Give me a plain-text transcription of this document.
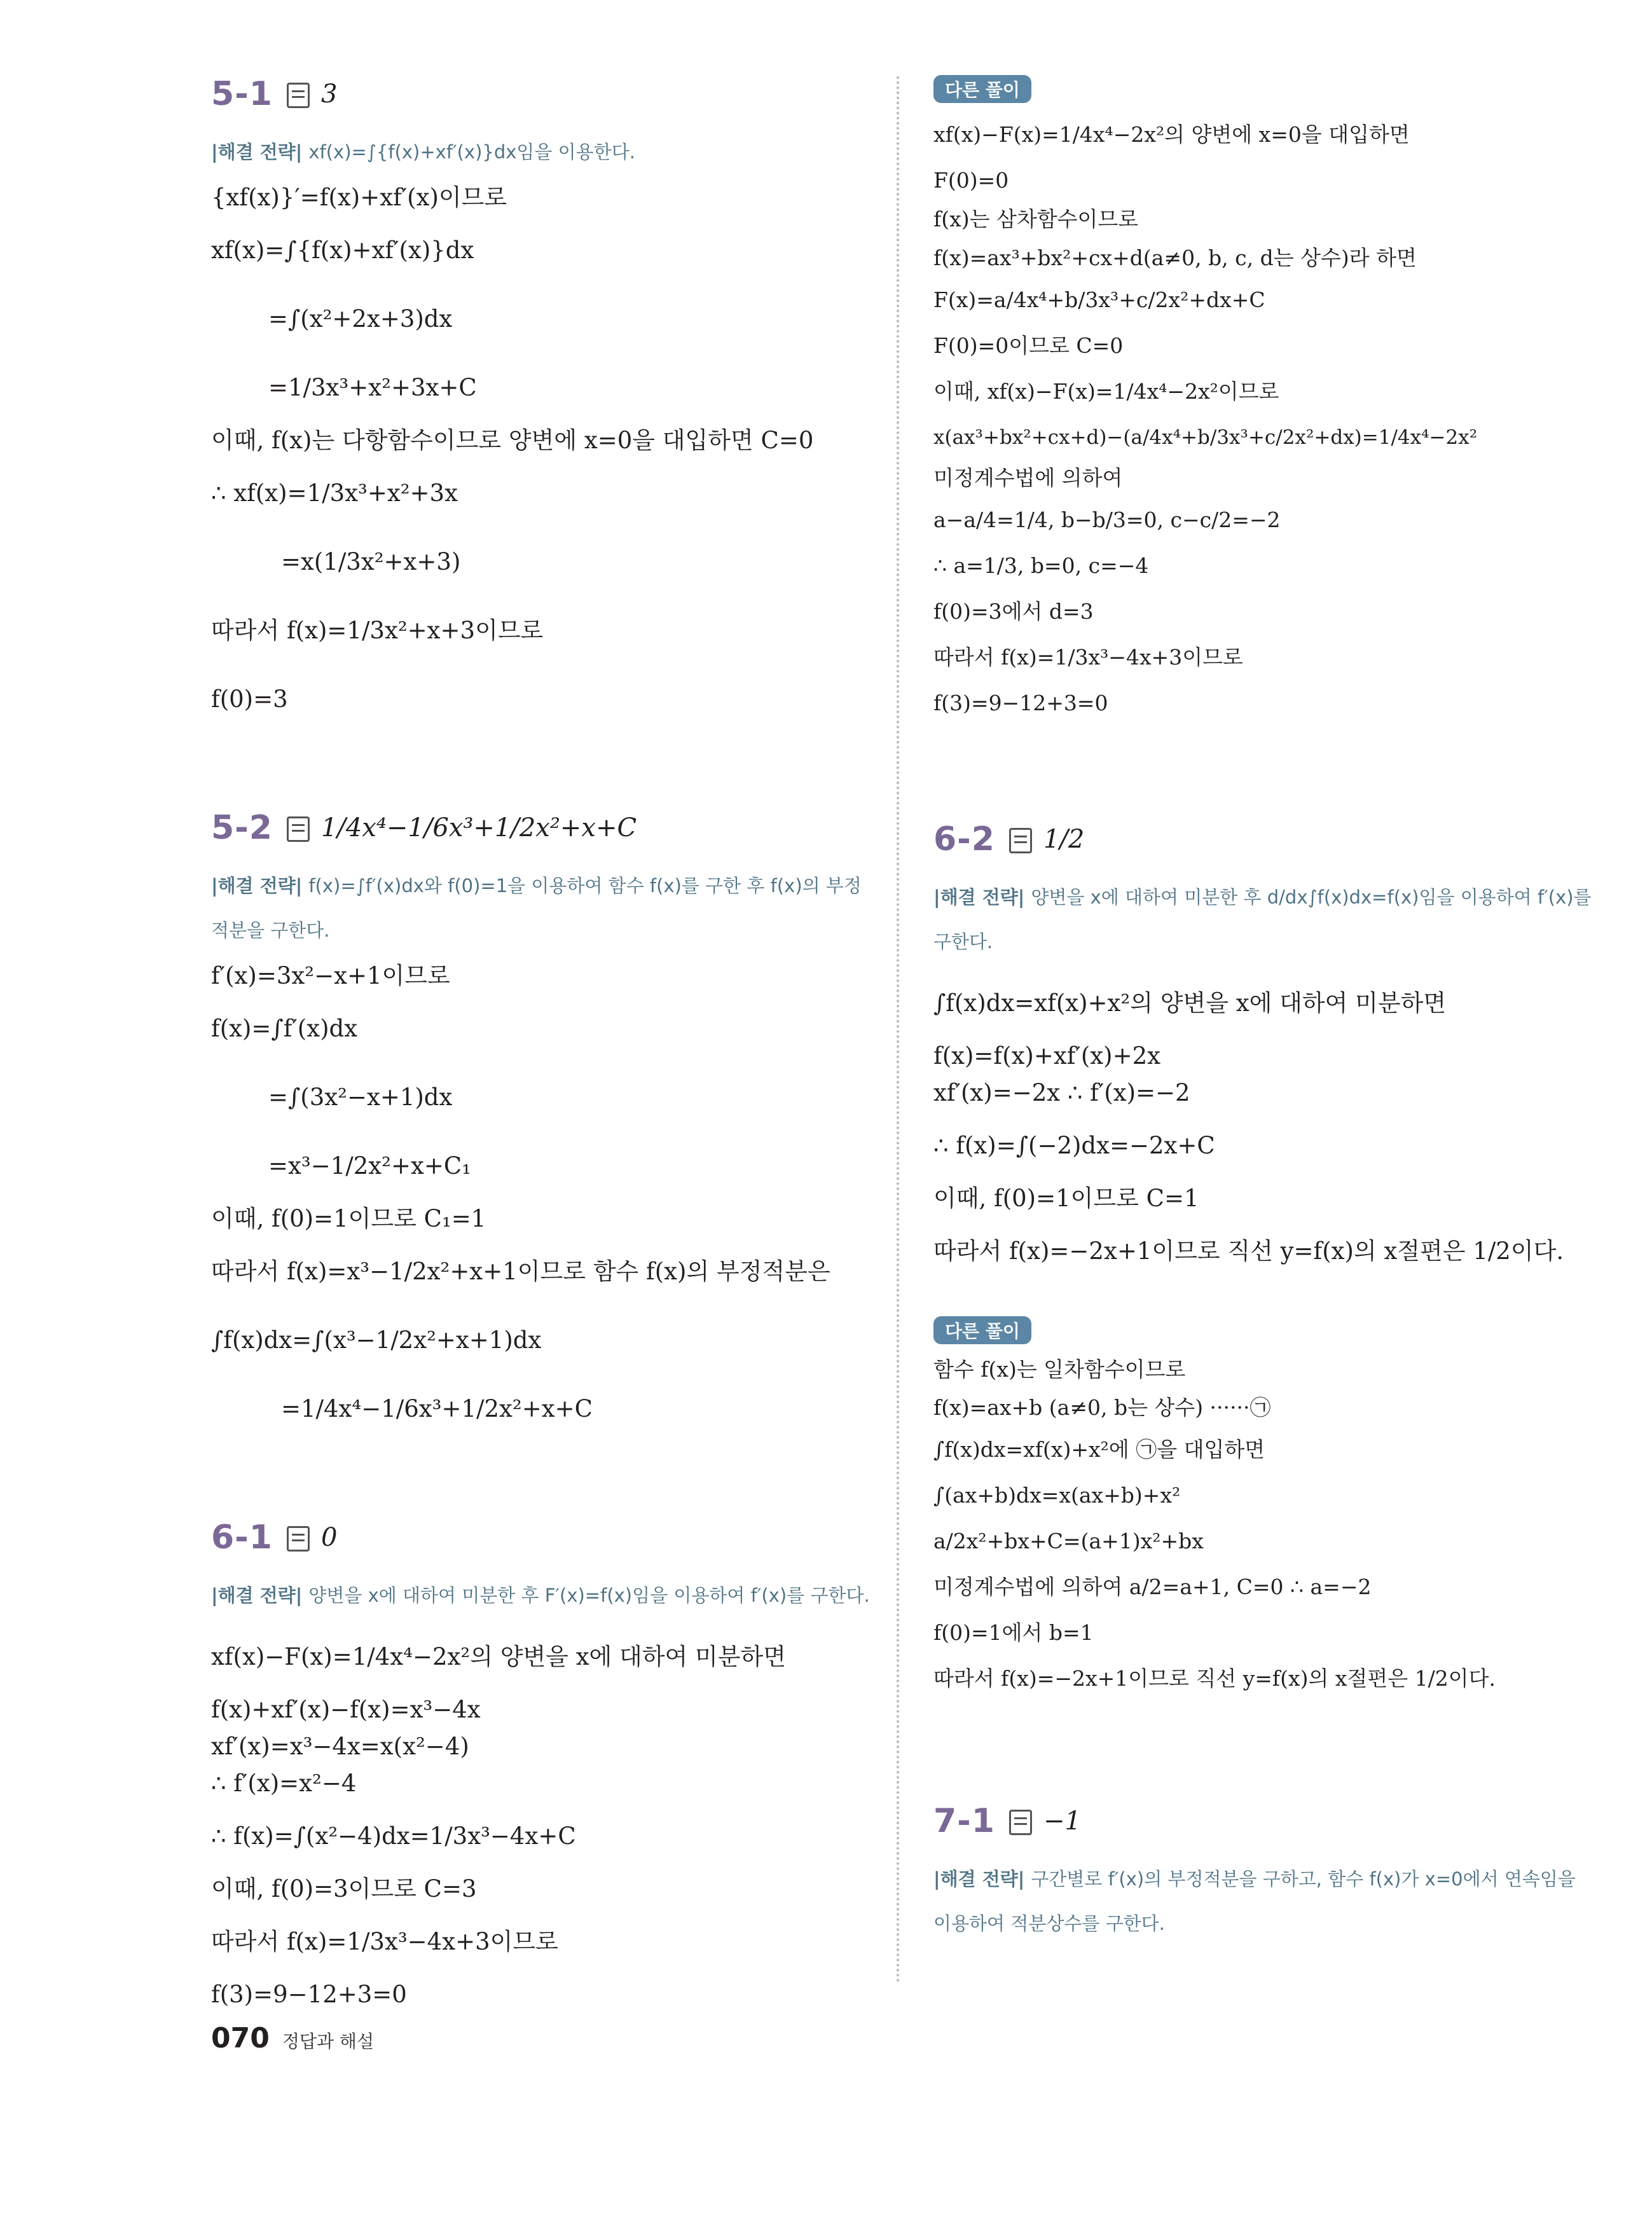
5-1 3
|해결 전략| xf(x)=∫{f(x)+xf′(x)}dx임을 이용한다.
{xf(x)}′=f(x)+xf′(x)이므로
xf(x)=∫{f(x)+xf′(x)}dx
=∫(x²+2x+3)dx
=1/3x³+x²+3x+C
이때, f(x)는 다항함수이므로 양변에 x=0을 대입하면 C=0
∴ xf(x)=1/3x³+x²+3x
=x(1/3x²+x+3)
따라서 f(x)=1/3x²+x+3이므로
f(0)=3
5-2 1/4x⁴−1/6x³+1/2x²+x+C
|해결 전략| f(x)=∫f′(x)dx와 f(0)=1을 이용하여 함수 f(x)를 구한 후 f(x)의 부정적분을 구한다.
f′(x)=3x²−x+1이므로
f(x)=∫f′(x)dx
=∫(3x²−x+1)dx
=x³−1/2x²+x+C₁
이때, f(0)=1이므로 C₁=1
따라서 f(x)=x³−1/2x²+x+1이므로 함수 f(x)의 부정적분은
∫f(x)dx=∫(x³−1/2x²+x+1)dx
=1/4x⁴−1/6x³+1/2x²+x+C
6-1 0
|해결 전략| 양변을 x에 대하여 미분한 후 F′(x)=f(x)임을 이용하여 f′(x)를 구한다.
xf(x)−F(x)=1/4x⁴−2x²의 양변을 x에 대하여 미분하면
f(x)+xf′(x)−f(x)=x³−4x
xf′(x)=x³−4x=x(x²−4)
∴ f′(x)=x²−4
∴ f(x)=∫(x²−4)dx=1/3x³−4x+C
이때, f(0)=3이므로 C=3
따라서 f(x)=1/3x³−4x+3이므로
f(3)=9−12+3=0
다른 풀이
xf(x)−F(x)=1/4x⁴−2x²의 양변에 x=0을 대입하면
F(0)=0
f(x)는 삼차함수이므로
f(x)=ax³+bx²+cx+d(a≠0, b, c, d는 상수)라 하면
F(x)=a/4x⁴+b/3x³+c/2x²+dx+C
F(0)=0이므로 C=0
이때, xf(x)−F(x)=1/4x⁴−2x²이므로
x(ax³+bx²+cx+d)−(a/4x⁴+b/3x³+c/2x²+dx)=1/4x⁴−2x²
미정계수법에 의하여
a−a/4=1/4, b−b/3=0, c−c/2=−2
∴ a=1/3, b=0, c=−4
f(0)=3에서 d=3
따라서 f(x)=1/3x³−4x+3이므로
f(3)=9−12+3=0
6-2 1/2
|해결 전략| 양변을 x에 대하여 미분한 후 d/dx∫f(x)dx=f(x)임을 이용하여 f′(x)를 구한다.
∫f(x)dx=xf(x)+x²의 양변을 x에 대하여 미분하면
f(x)=f(x)+xf′(x)+2x
xf′(x)=−2x ∴ f′(x)=−2
∴ f(x)=∫(−2)dx=−2x+C
이때, f(0)=1이므로 C=1
따라서 f(x)=−2x+1이므로 직선 y=f(x)의 x절편은 1/2이다.
다른 풀이
함수 f(x)는 일차함수이므로
f(x)=ax+b (a≠0, b는 상수) ······㉠
∫f(x)dx=xf(x)+x²에 ㉠을 대입하면
∫(ax+b)dx=x(ax+b)+x²
a/2x²+bx+C=(a+1)x²+bx
미정계수법에 의하여 a/2=a+1, C=0 ∴ a=−2
f(0)=1에서 b=1
따라서 f(x)=−2x+1이므로 직선 y=f(x)의 x절편은 1/2이다.
7-1 −1
|해결 전략| 구간별로 f′(x)의 부정적분을 구하고, 함수 f(x)가 x=0에서 연속임을 이용하여 적분상수를 구한다.
070 정답과 해설
